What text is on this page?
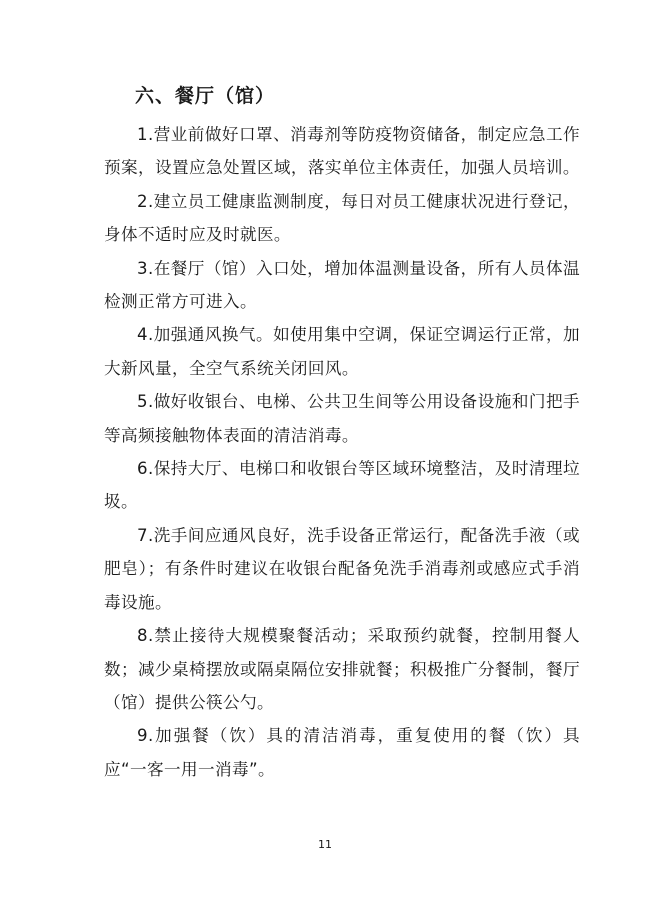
六、餐厅（馆）

1.营业前做好口罩、消毒剂等防疫物资储备，制定应急工作预案，设置应急处置区域，落实单位主体责任，加强人员培训。

2.建立员工健康监测制度，每日对员工健康状况进行登记，身体不适时应及时就医。

3.在餐厅（馆）入口处，增加体温测量设备，所有人员体温检测正常方可进入。

4.加强通风换气。如使用集中空调，保证空调运行正常，加大新风量，全空气系统关闭回风。

5.做好收银台、电梯、公共卫生间等公用设备设施和门把手等高频接触物体表面的清洁消毒。

6.保持大厅、电梯口和收银台等区域环境整洁，及时清理垃圾。

7.洗手间应通风良好，洗手设备正常运行，配备洗手液（或肥皂）；有条件时建议在收银台配备免洗手消毒剂或感应式手消毒设施。

8.禁止接待大规模聚餐活动；采取预约就餐，控制用餐人数；减少桌椅摆放或隔桌隔位安排就餐；积极推广分餐制，餐厅（馆）提供公筷公勺。

9.加强餐（饮）具的清洁消毒，重复使用的餐（饮）具应“一客一用一消毒”。

11
